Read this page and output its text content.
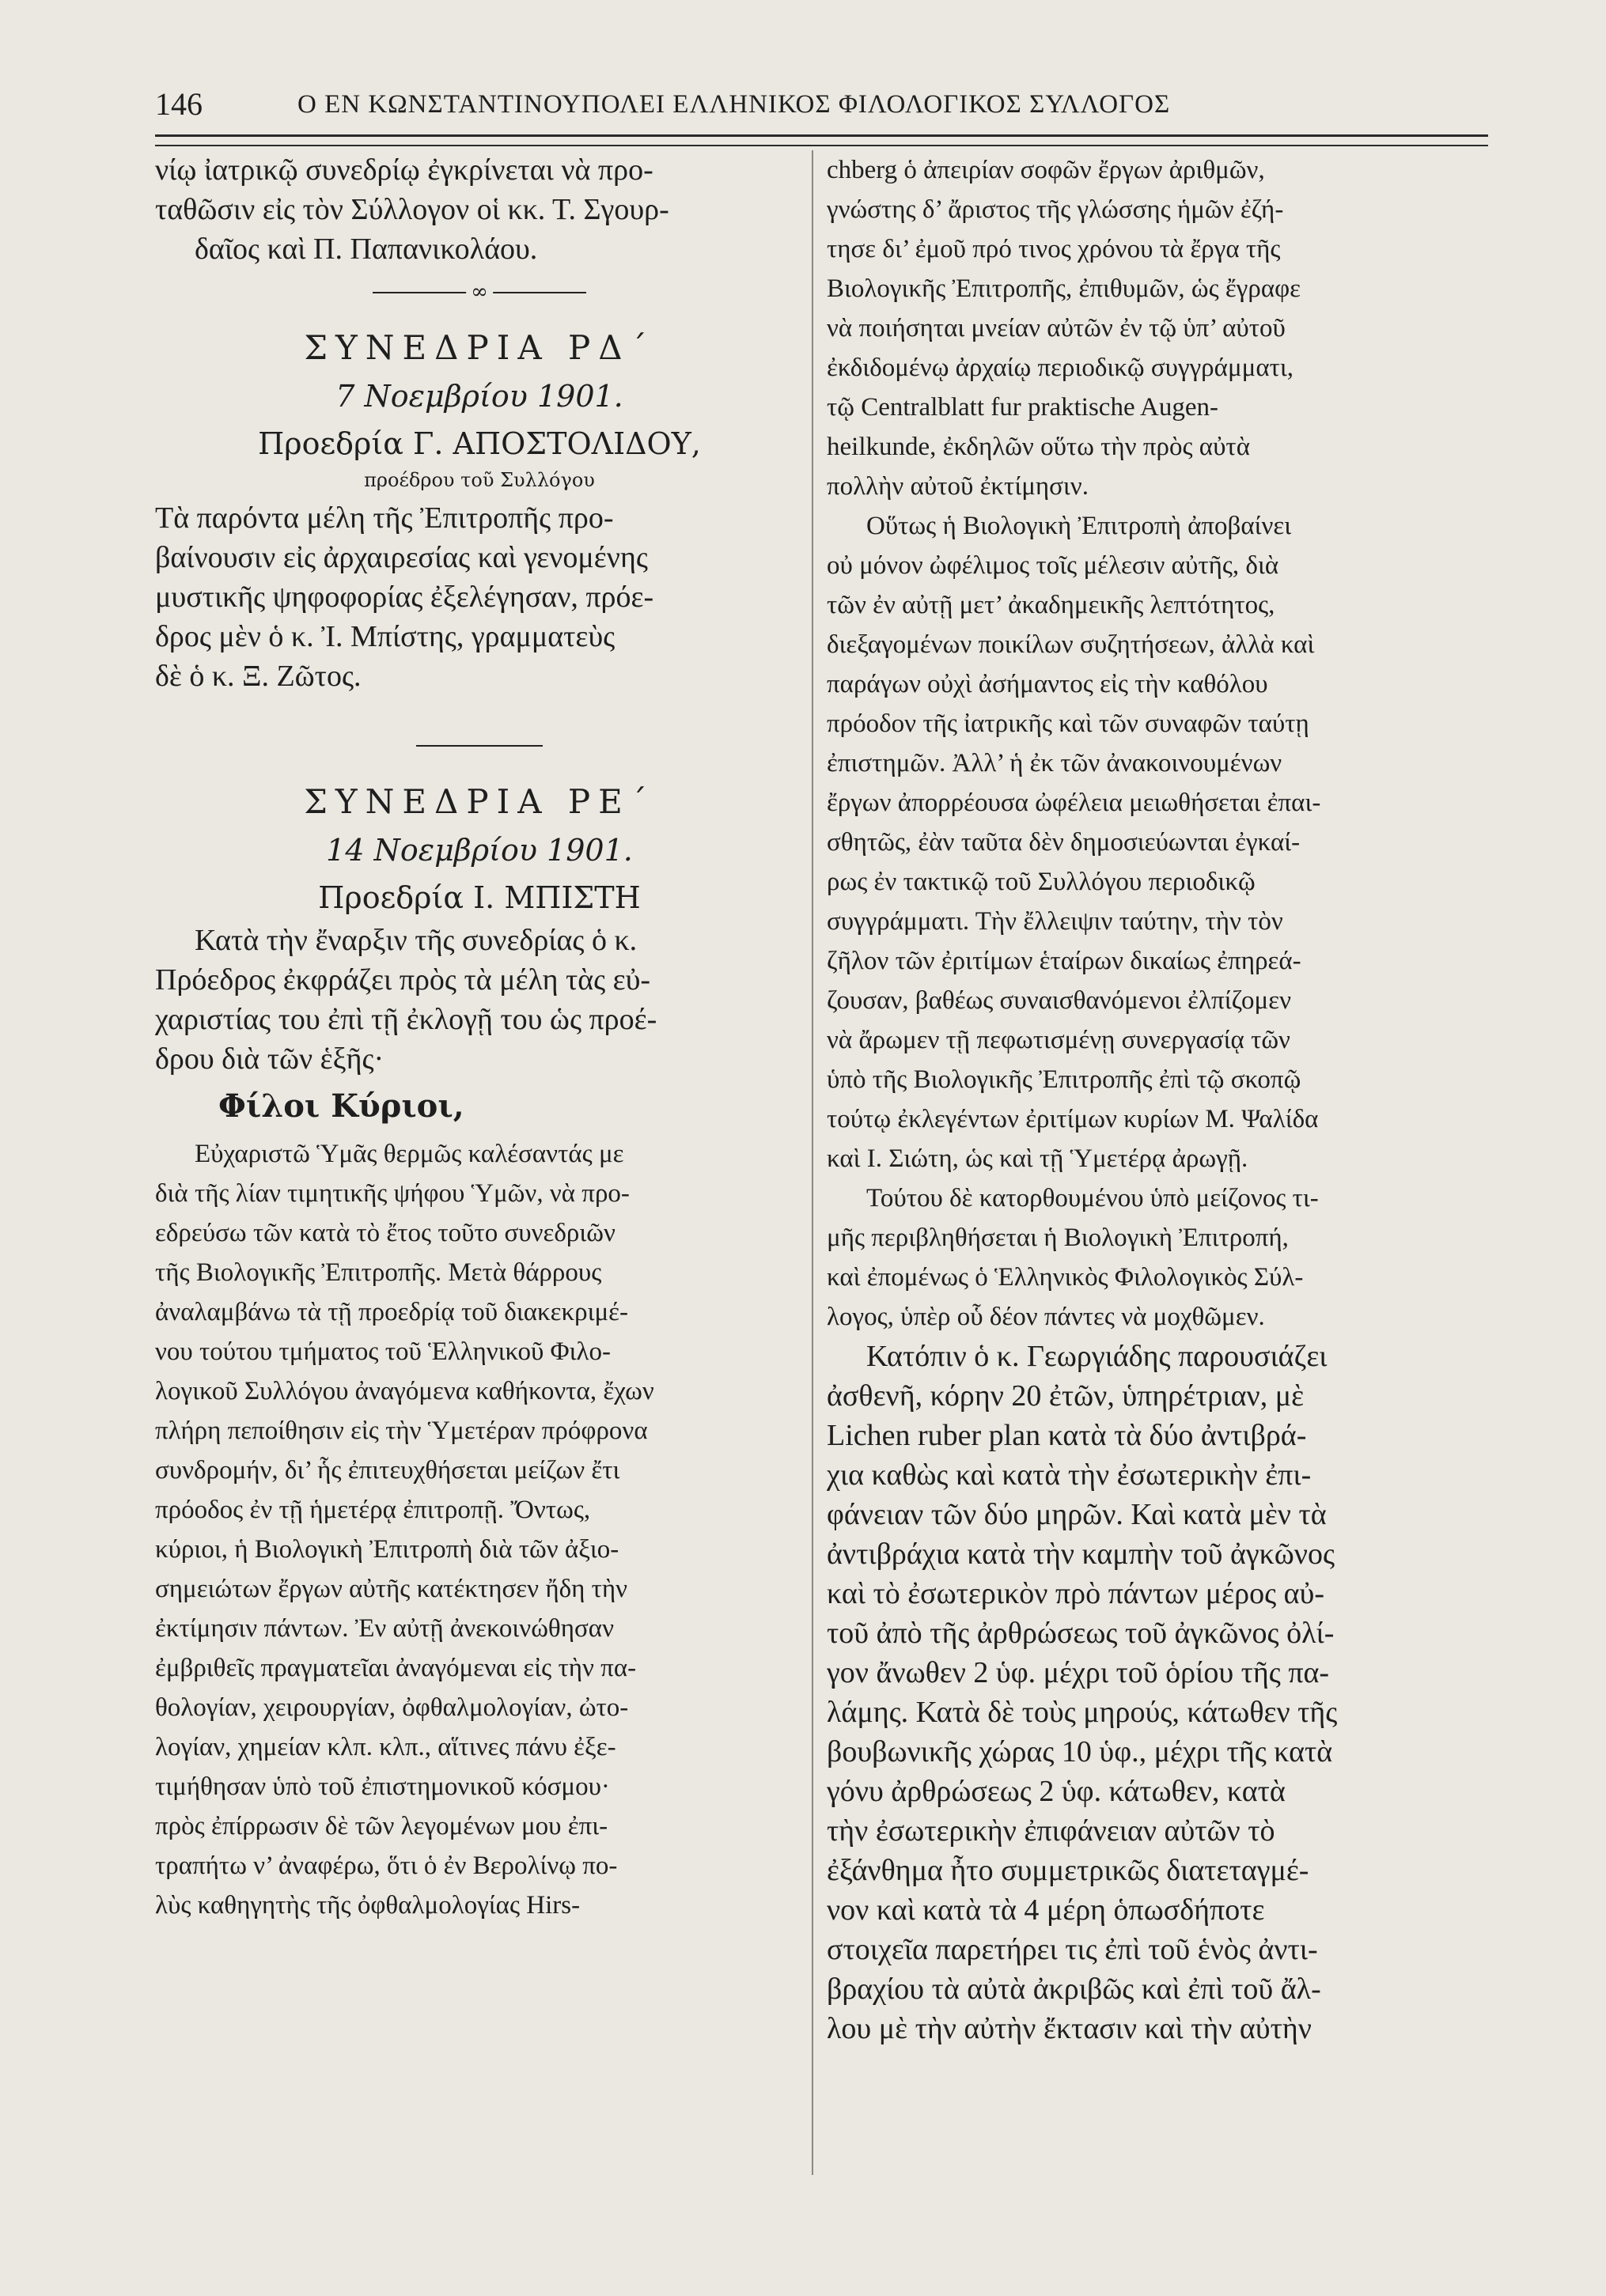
146	Ο ΕΝ ΚΩΝΣΤΑΝΤΙΝΟΥΠΟΛΕΙ ΕΛΛΗΝΙΚΟΣ ΦΙΛΟΛΟΓΙΚΟΣ ΣΥΛΛΟΓΟΣ
νίῳ ἰατρικῷ συνεδρίῳ ἐγκρίνεται νὰ προ-
ταθῶσιν εἰς τὸν Σύλλογον οἱ κκ. Τ. Σγουρ-
δαῖος καὶ Π. Παπανικολάου.
∞
ΣΥΝΕΔΡΙΑ ΡΔ΄
7 Νοεμβρίου 1901.
Προεδρία Γ. ΑΠΟΣΤΟΛΙΔΟΥ,
προέδρου τοῦ Συλλόγου
Τὰ παρόντα μέλη τῆς Ἐπιτροπῆς προ-
βαίνουσιν εἰς ἀρχαιρεσίας καὶ γενομένης
μυστικῆς ψηφοφορίας ἐξελέγησαν, πρόε-
δρος μὲν ὁ κ. Ἰ. Μπίστης, γραμματεὺς
δὲ ὁ κ. Ξ. Ζῶτος.
ΣΥΝΕΔΡΙΑ ΡΕ΄
14 Νοεμβρίου 1901.
Προεδρία Ι. ΜΠΙΣΤΗ
Κατὰ τὴν ἔναρξιν τῆς συνεδρίας ὁ κ.
Πρόεδρος ἐκφράζει πρὸς τὰ μέλη τὰς εὐ-
χαριστίας του ἐπὶ τῇ ἐκλογῇ του ὡς προέ-
δρου διὰ τῶν ἑξῆς·
Φίλοι Κύριοι,
Εὐχαριστῶ Ὑμᾶς θερμῶς καλέσαντάς με
διὰ τῆς λίαν τιμητικῆς ψήφου Ὑμῶν, νὰ προ-
εδρεύσω τῶν κατὰ τὸ ἔτος τοῦτο συνεδριῶν
τῆς Βιολογικῆς Ἐπιτροπῆς. Μετὰ θάρρους
ἀναλαμβάνω τὰ τῇ προεδρίᾳ τοῦ διακεκριμέ-
νου τούτου τμήματος τοῦ Ἑλληνικοῦ Φιλο-
λογικοῦ Συλλόγου ἀναγόμενα καθήκοντα, ἔχων
πλήρη πεποίθησιν εἰς τὴν Ὑμετέραν πρόφρονα
συνδρομήν, δι’ ἧς ἐπιτευχθήσεται μείζων ἔτι
πρόοδος ἐν τῇ ἡμετέρᾳ ἐπιτροπῇ. Ὄντως,
κύριοι, ἡ Βιολογικὴ Ἐπιτροπὴ διὰ τῶν ἀξιο-
σημειώτων ἔργων αὐτῆς κατέκτησεν ἤδη τὴν
ἐκτίμησιν πάντων. Ἐν αὐτῇ ἀνεκοινώθησαν
ἐμβριθεῖς πραγματεῖαι ἀναγόμεναι εἰς τὴν πα-
θολογίαν, χειρουργίαν, ὀφθαλμολογίαν, ὠτο-
λογίαν, χημείαν κλπ. κλπ., αἵτινες πάνυ ἐξε-
τιμήθησαν ὑπὸ τοῦ ἐπιστημονικοῦ κόσμου·
πρὸς ἐπίρρωσιν δὲ τῶν λεγομένων μου ἐπι-
τραπήτω ν’ ἀναφέρω, ὅτι ὁ ἐν Βερολίνῳ πο-
λὺς καθηγητὴς τῆς ὀφθαλμολογίας Hirs-
chberg ὁ ἀπειρίαν σοφῶν ἔργων ἀριθμῶν,
γνώστης δ’ ἄριστος τῆς γλώσσης ἡμῶν ἐζή-
τησε δι’ ἐμοῦ πρό τινος χρόνου τὰ ἔργα τῆς
Βιολογικῆς Ἐπιτροπῆς, ἐπιθυμῶν, ὡς ἔγραφε
νὰ ποιήσηται μνείαν αὐτῶν ἐν τῷ ὑπ’ αὐτοῦ
ἐκδιδομένῳ ἀρχαίῳ περιοδικῷ συγγράμματι,
τῷ Centralblatt fur praktische Augen-
heilkunde, ἐκδηλῶν οὕτω τὴν πρὸς αὐτὰ
πολλὴν αὐτοῦ ἐκτίμησιν.
Οὕτως ἡ Βιολογικὴ Ἐπιτροπὴ ἀποβαίνει
οὐ μόνον ὠφέλιμος τοῖς μέλεσιν αὐτῆς, διὰ
τῶν ἐν αὐτῇ μετ’ ἀκαδημεικῆς λεπτότητος,
διεξαγομένων ποικίλων συζητήσεων, ἀλλὰ καὶ
παράγων οὐχὶ ἀσήμαντος εἰς τὴν καθόλου
πρόοδον τῆς ἰατρικῆς καὶ τῶν συναφῶν ταύτῃ
ἐπιστημῶν. Ἀλλ’ ἡ ἐκ τῶν ἀνακοινουμένων
ἔργων ἀπορρέουσα ὠφέλεια μειωθήσεται ἐπαι-
σθητῶς, ἐὰν ταῦτα δὲν δημοσιεύωνται ἐγκαί-
ρως ἐν τακτικῷ τοῦ Συλλόγου περιοδικῷ
συγγράμματι. Τὴν ἔλλειψιν ταύτην, τὴν τὸν
ζῆλον τῶν ἐριτίμων ἑταίρων δικαίως ἐπηρεά-
ζουσαν, βαθέως συναισθανόμενοι ἐλπίζομεν
νὰ ἄρωμεν τῇ πεφωτισμένῃ συνεργασίᾳ τῶν
ὑπὸ τῆς Βιολογικῆς Ἐπιτροπῆς ἐπὶ τῷ σκοπῷ
τούτῳ ἐκλεγέντων ἐριτίμων κυρίων Μ. Ψαλίδα
καὶ Ι. Σιώτη, ὡς καὶ τῇ Ὑμετέρᾳ ἀρωγῇ.
Τούτου δὲ κατορθουμένου ὑπὸ μείζονος τι-
μῆς περιβληθήσεται ἡ Βιολογικὴ Ἐπιτροπή,
καὶ ἐπομένως ὁ Ἑλληνικὸς Φιλολογικὸς Σύλ-
λογος, ὑπὲρ οὗ δέον πάντες νὰ μοχθῶμεν.
Κατόπιν ὁ κ. Γεωργιάδης παρουσιάζει
ἀσθενῆ, κόρην 20 ἐτῶν, ὑπηρέτριαν, μὲ
Lichen ruber plan κατὰ τὰ δύο ἀντιβρά-
χια καθὼς καὶ κατὰ τὴν ἐσωτερικὴν ἐπι-
φάνειαν τῶν δύο μηρῶν. Καὶ κατὰ μὲν τὰ
ἀντιβράχια κατὰ τὴν καμπὴν τοῦ ἀγκῶνος
καὶ τὸ ἐσωτερικὸν πρὸ πάντων μέρος αὐ-
τοῦ ἀπὸ τῆς ἀρθρώσεως τοῦ ἀγκῶνος ὀλί-
γον ἄνωθεν 2 ὑφ. μέχρι τοῦ ὁρίου τῆς πα-
λάμης. Κατὰ δὲ τοὺς μηρούς, κάτωθεν τῆς
βουβωνικῆς χώρας 10 ὑφ., μέχρι τῆς κατὰ
γόνυ ἀρθρώσεως 2 ὑφ. κάτωθεν, κατὰ
τὴν ἐσωτερικὴν ἐπιφάνειαν αὐτῶν τὸ
ἐξάνθημα ἦτο συμμετρικῶς διατεταγμέ-
νον καὶ κατὰ τὰ 4 μέρη ὁπωσδήποτε
στοιχεῖα παρετήρει τις ἐπὶ τοῦ ἑνὸς ἀντι-
βραχίου τὰ αὐτὰ ἀκριβῶς καὶ ἐπὶ τοῦ ἄλ-
λου μὲ τὴν αὐτὴν ἔκτασιν καὶ τὴν αὐτὴν
